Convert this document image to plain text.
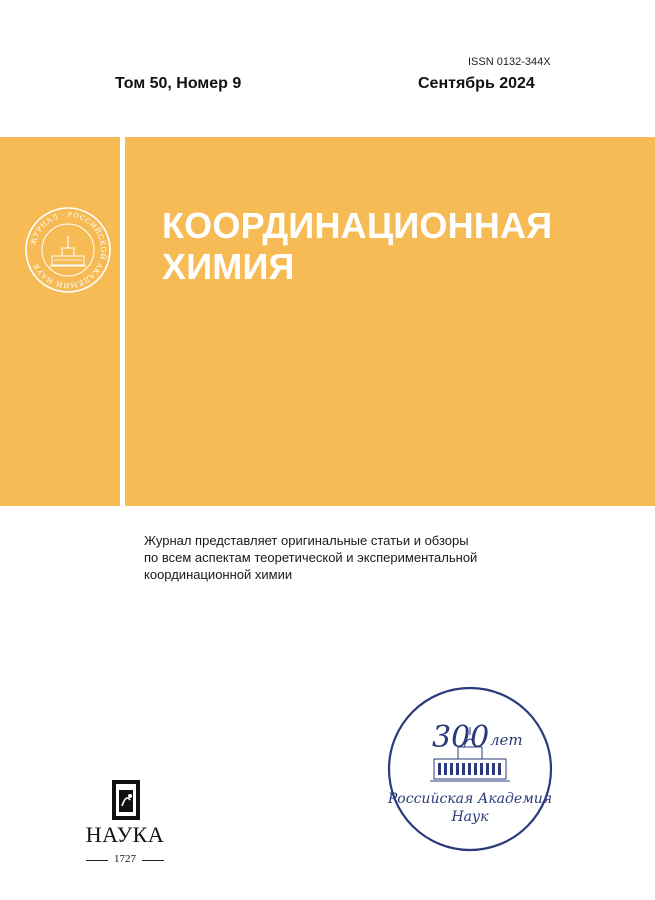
ISSN 0132-344X
Том 50, Номер 9	Сентябрь 2024
ЖУРНАЛ · РОССИЙСКОЙ АКАДЕМИИ НАУК
КООРДИНАЦИОННАЯ
ХИМИЯ
Журнал представляет оригинальные статьи и обзоры
по всем аспектам теоретической и экспериментальной
координационной химии
300 лет
Российская Академия
Наук
НАУКА
1727
